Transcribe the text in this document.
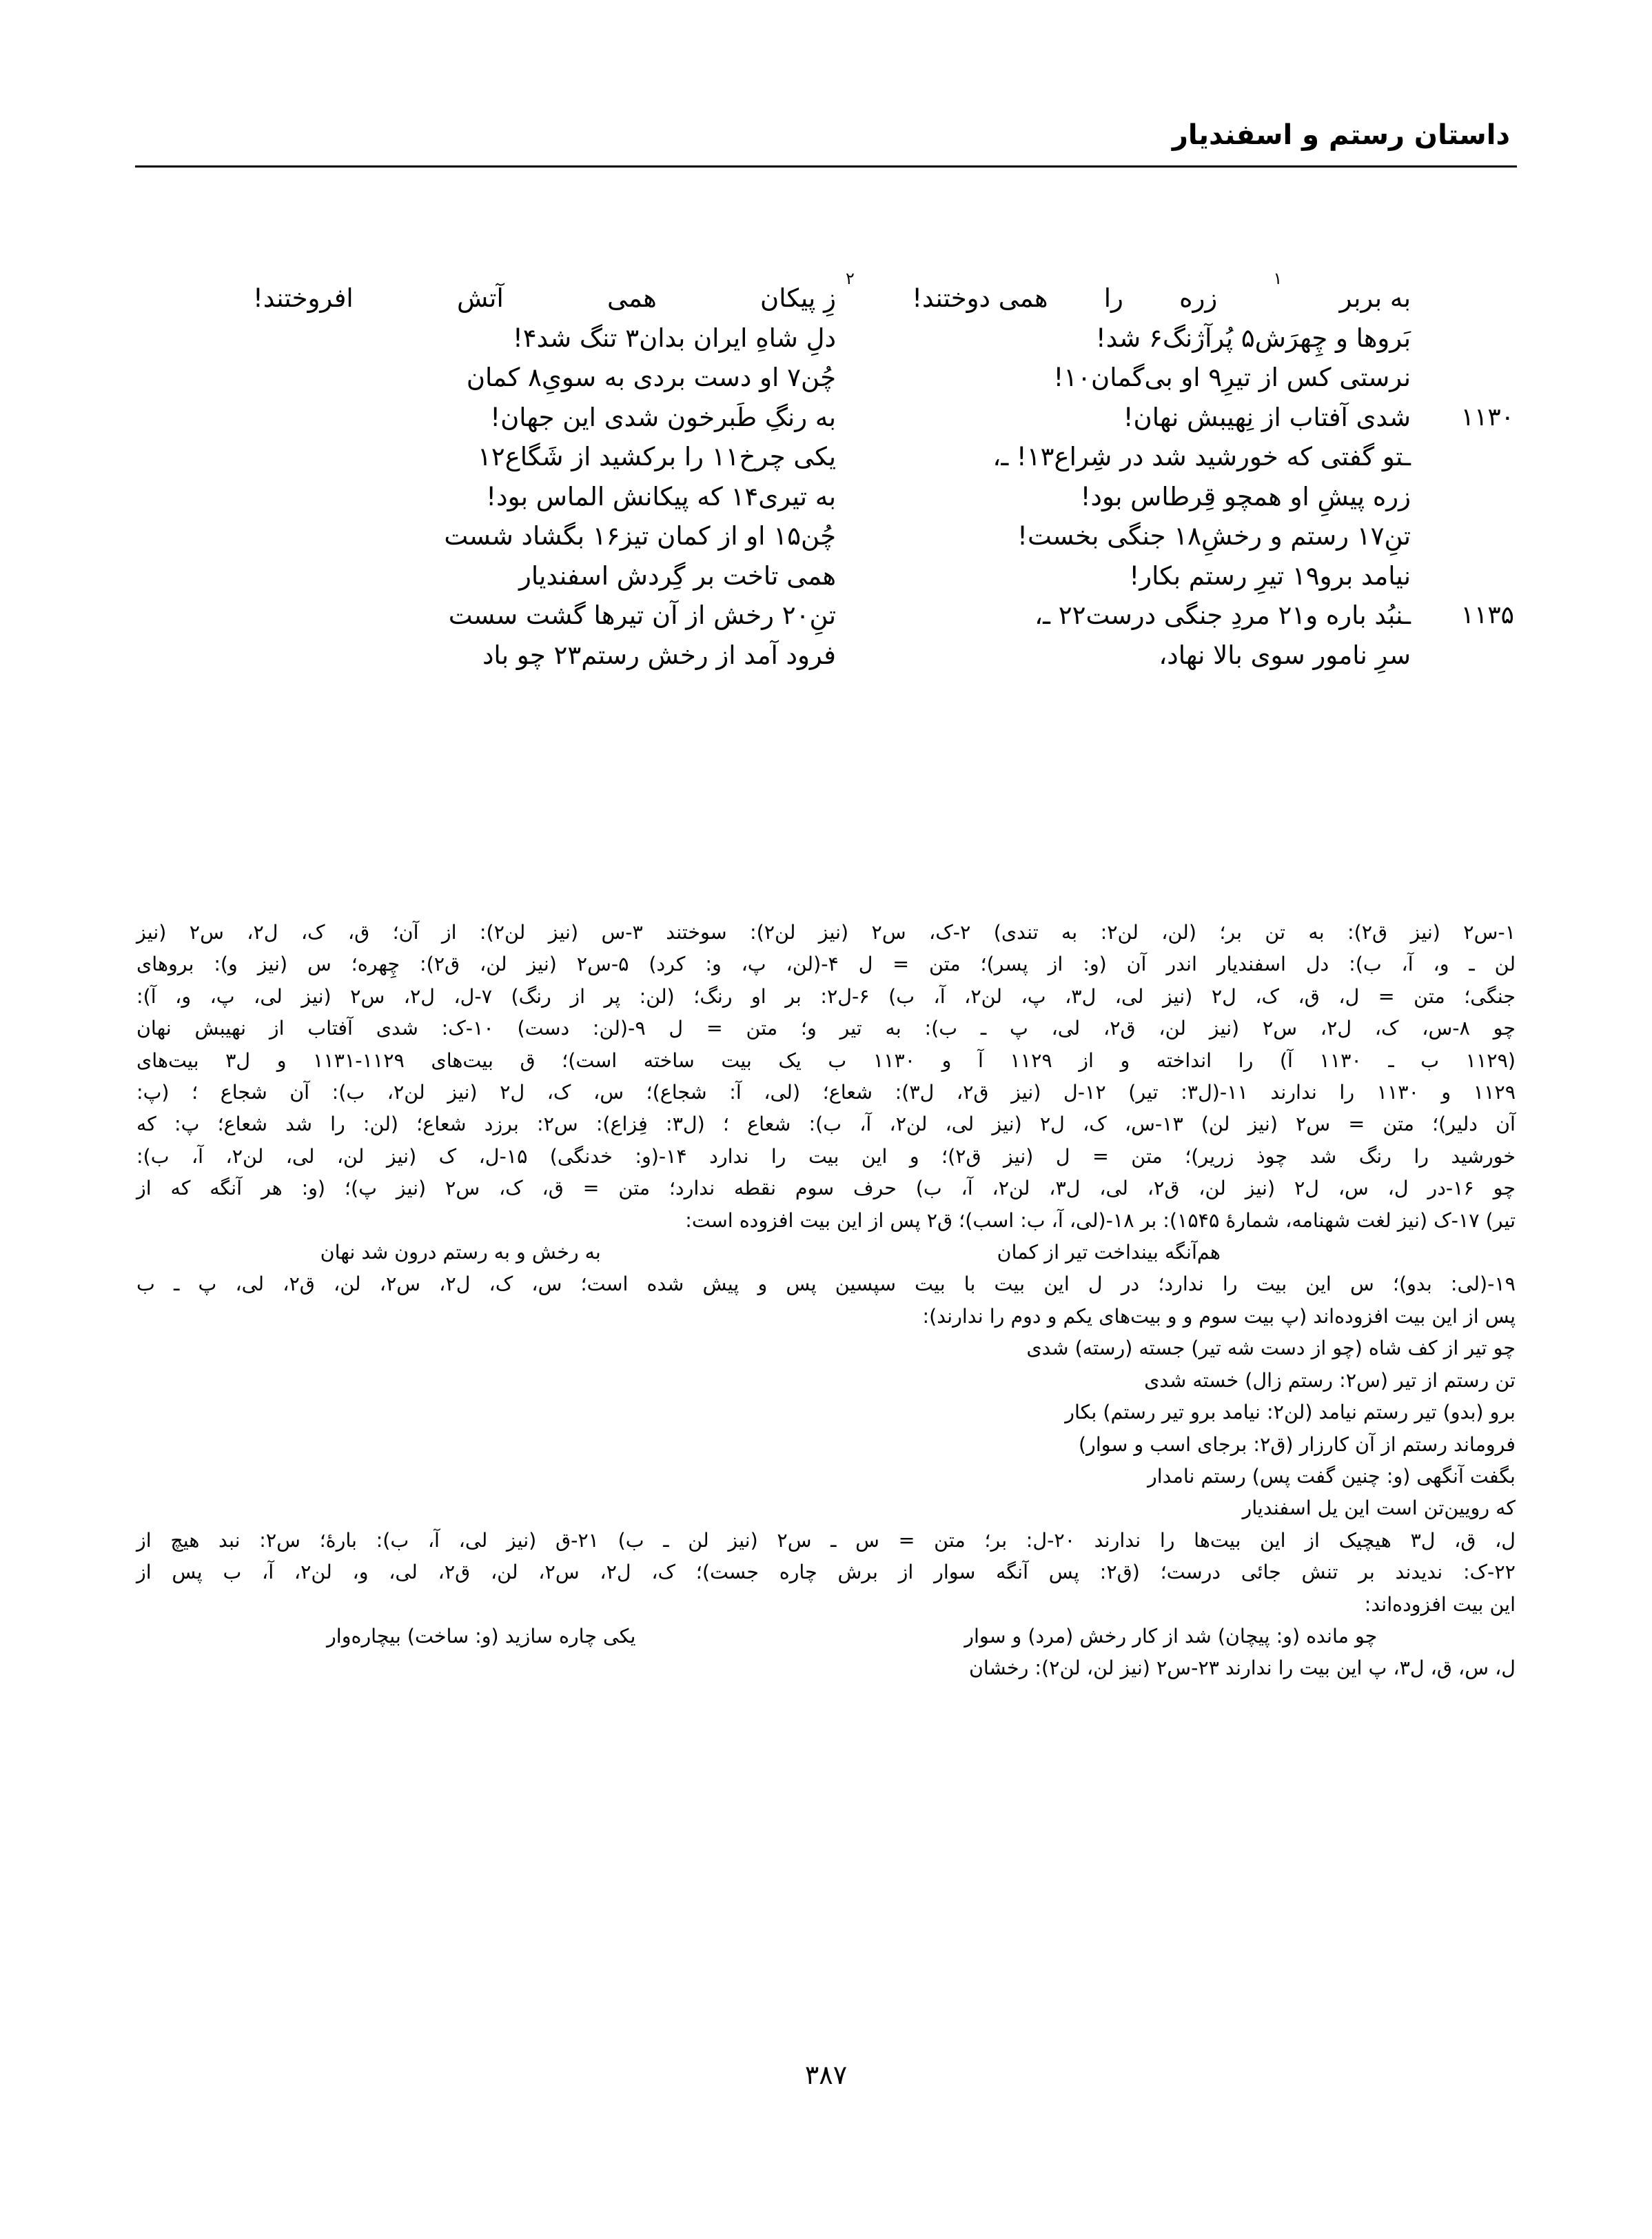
داستان رستم و اسفندیار
به بربر
۱
زره
را
همی دوختند!
۲
زِ پیکان
همی
آتش
افروختند!
بَروها و چِهرَش۵ پُرآژنگ۶ شد!
دلِ شاهِ ایران بدان۳ تنگ شد۴!
نرستی کس از تیرِ۹ او بی‌گمان۱۰!
چُن۷ او دست بردی به سویِ۸ کمان
۱۱۳۰
شدی آفتاب از نِهیبش نهان!
به رنگِ طَبرخون شدی این جهان!
ـتو گفتی که خورشید شد در شِراع۱۳! ـ،
یکی چرخ۱۱ را برکشید از شَگاع۱۲
زره پیشِ او همچو قِرطاس بود!
به تیری۱۴ که پیکانش الماس بود!
تنِ۱۷ رستم و رخشِ۱۸ جنگی بخست!
چُن۱۵ او از کمان تیز۱۶ بگشاد شست
نیامد برو۱۹ تیرِ رستم بکار!
همی تاخت بر گِردش اسفندیار
۱۱۳۵
ـنبُد باره و۲۱ مردِ جنگی درست۲۲ ـ،
تنِ۲۰ رخش از آن تیرها گشت سست
سرِ نامور سوی بالا نهاد،
فرود آمد از رخش رستم۲۳ چو باد
۱-س۲ (نیز ق۲): به تن بر؛ (لن، لن۲: به تندی) ۲-ک، س۲ (نیز لن۲): سوختند ۳-س (نیز لن۲): از آن؛ ق، ک، ل۲، س۲ (نیز
لن ـ و، آ، ب): دل اسفندیار اندر آن (و: از پسر)؛ متن = ل ۴-(لن، پ، و: کرد) ۵-س۲ (نیز لن، ق۲): چِهره؛ س (نیز و): بروهای
جنگی؛ متن = ل، ق، ک، ل۲ (نیز لی، ل۳، پ، لن۲، آ، ب) ۶-ل۲: بر او رنگ؛ (لن: پر از رنگ) ۷-ل، ل۲، س۲ (نیز لی، پ، و، آ):
چو ۸-س، ک، ل۲، س۲ (نیز لن، ق۲، لی، پ ـ ب): به تیر و؛ متن = ل ۹-(لن: دست) ۱۰-ک: شدی آفتاب از نهیبش نهان
(۱۱۲۹ ب ـ ۱۱۳۰ آ) را انداخته و از ۱۱۲۹ آ و ۱۱۳۰ ب یک بیت ساخته است)؛ ق بیت‌های ۱۱۲۹-۱۱۳۱ و ل۳ بیت‌های
۱۱۲۹ و ۱۱۳۰ را ندارند ۱۱-(ل۳: تیر) ۱۲-ل (نیز ق۲، ل۳): شعاع؛ (لی، آ: شجاع)؛ س، ک، ل۲ (نیز لن۲، ب): آن شجاع ؛ (پ:
آن دلیر)؛ متن = س۲ (نیز لن) ۱۳-س، ک، ل۲ (نیز لی، لن۲، آ، ب): شعاع ؛ (ل۳: فِزاع): س۲: برزد شعاع؛ (لن: را شد شعاع؛ پ: که
خورشید را رنگ شد چوذ زریر)؛ متن = ل (نیز ق۲)؛ و این بیت را ندارد ۱۴-(و: خدنگی) ۱۵-ل، ک (نیز لن، لی، لن۲، آ، ب):
چو ۱۶-در ل، س، ل۲ (نیز لن، ق۲، لی، ل۳، لن۲، آ، ب) حرف سوم نقطه ندارد؛ متن = ق، ک، س۲ (نیز پ)؛ (و: هر آنگه که از
تیر) ۱۷-ک (نیز لغت شهنامه، شمارهٔ ۱۵۴۵): بر ۱۸-(لی، آ، ب: اسب)؛ ق۲ پس از این بیت افزوده است:
هم‌آنگه بینداخت تیر از کمان
به رخش و به رستم درون شد نهان
۱۹-(لی: بدو)؛ س این بیت را ندارد؛ در ل این بیت با بیت سپسین پس و پیش شده است؛ س، ک، ل۲، س۲، لن، ق۲، لی، پ ـ ب
پس از این بیت افزوده‌اند (پ بیت سوم و و بیت‌های یکم و دوم را ندارند):
چو تیر از کف شاه (چو از دست شه تیر) جسته (رسته) شدی
تن رستم از تیر (س۲: رستم زال) خسته شدی
برو (بدو) تیر رستم نیامد (لن۲: نیامد برو تیر رستم) بکار
فروماند رستم از آن کارزار (ق۲: برجای اسب و سوار)
بگفت آنگهی (و: چنین گفت پس) رستم نامدار
که رویین‌تن است این یل اسفندیار
ل، ق، ل۳ هیچیک از این بیت‌ها را ندارند ۲۰-ل: بر؛ متن = س ـ س۲ (نیز لن ـ ب) ۲۱-ق (نیز لی، آ، ب): بارهٔ؛ س۲: نبد هیچ از
۲۲-ک: ندیدند بر تنش جائی درست؛ (ق۲: پس آنگه سوار از برش چاره جست)؛ ک، ل۲، س۲، لن، ق۲، لی، و، لن۲، آ، ب پس از
این بیت افزوده‌اند:
چو مانده (و: پیچان) شد از کار رخش (مرد) و سوار
یکی چاره سازید (و: ساخت) بیچاره‌وار
ل، س، ق، ل۳، پ این بیت را ندارند ۲۳-س۲ (نیز لن، لن۲): رخشان
۳۸۷
